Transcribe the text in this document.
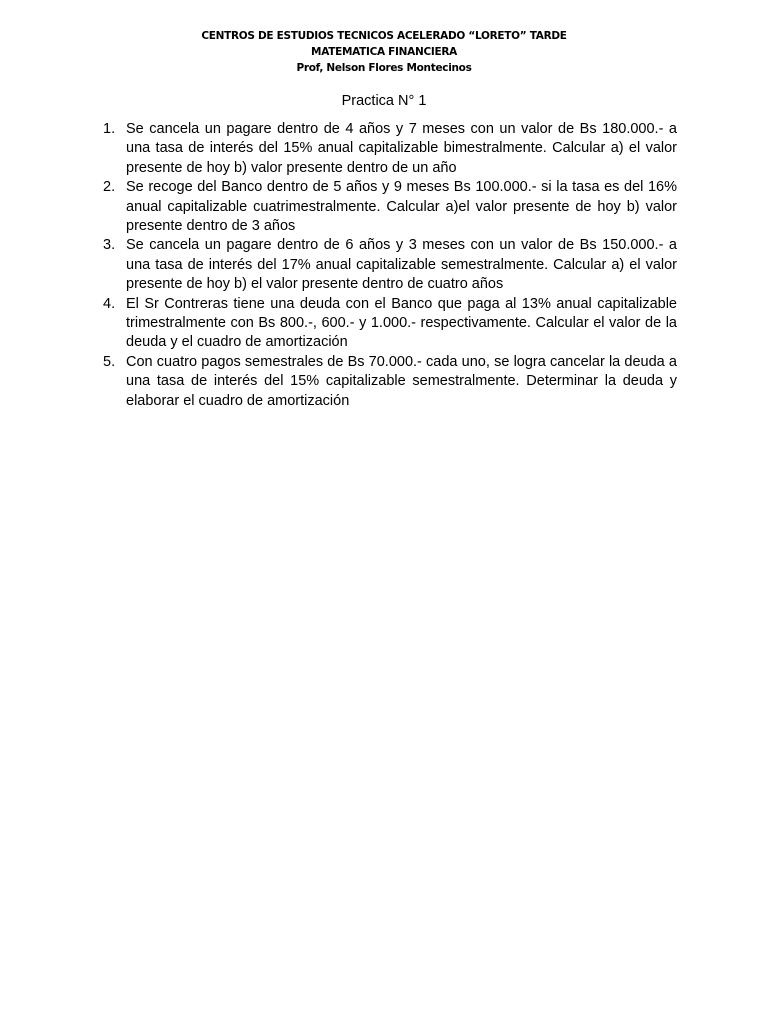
CENTROS DE ESTUDIOS TECNICOS ACELERADO “LORETO” TARDE
MATEMATICA FINANCIERA
Prof, Nelson Flores Montecinos
Practica N° 1
1. Se cancela un pagare dentro de 4 años y 7 meses con un valor de Bs 180.000.- a una tasa de interés del 15% anual capitalizable bimestralmente. Calcular a) el valor presente de hoy b) valor presente dentro de un año
2. Se recoge del Banco dentro de 5 años y 9 meses Bs 100.000.- si la tasa es del 16% anual capitalizable cuatrimestralmente. Calcular a)el valor presente de hoy b) valor presente dentro de 3 años
3. Se cancela un pagare dentro de 6 años y 3 meses con un valor de Bs 150.000.- a una tasa de interés del 17% anual capitalizable semestralmente. Calcular a) el valor presente de hoy b) el valor presente dentro de cuatro años
4. El Sr Contreras tiene una deuda con el Banco que paga al 13% anual capitalizable trimestralmente con Bs 800.-, 600.- y 1.000.- respectivamente. Calcular el valor de la deuda y el cuadro de amortización
5. Con cuatro pagos semestrales de Bs 70.000.- cada uno, se logra cancelar la deuda a una tasa de interés del 15% capitalizable semestralmente. Determinar la deuda y elaborar el cuadro de amortización
